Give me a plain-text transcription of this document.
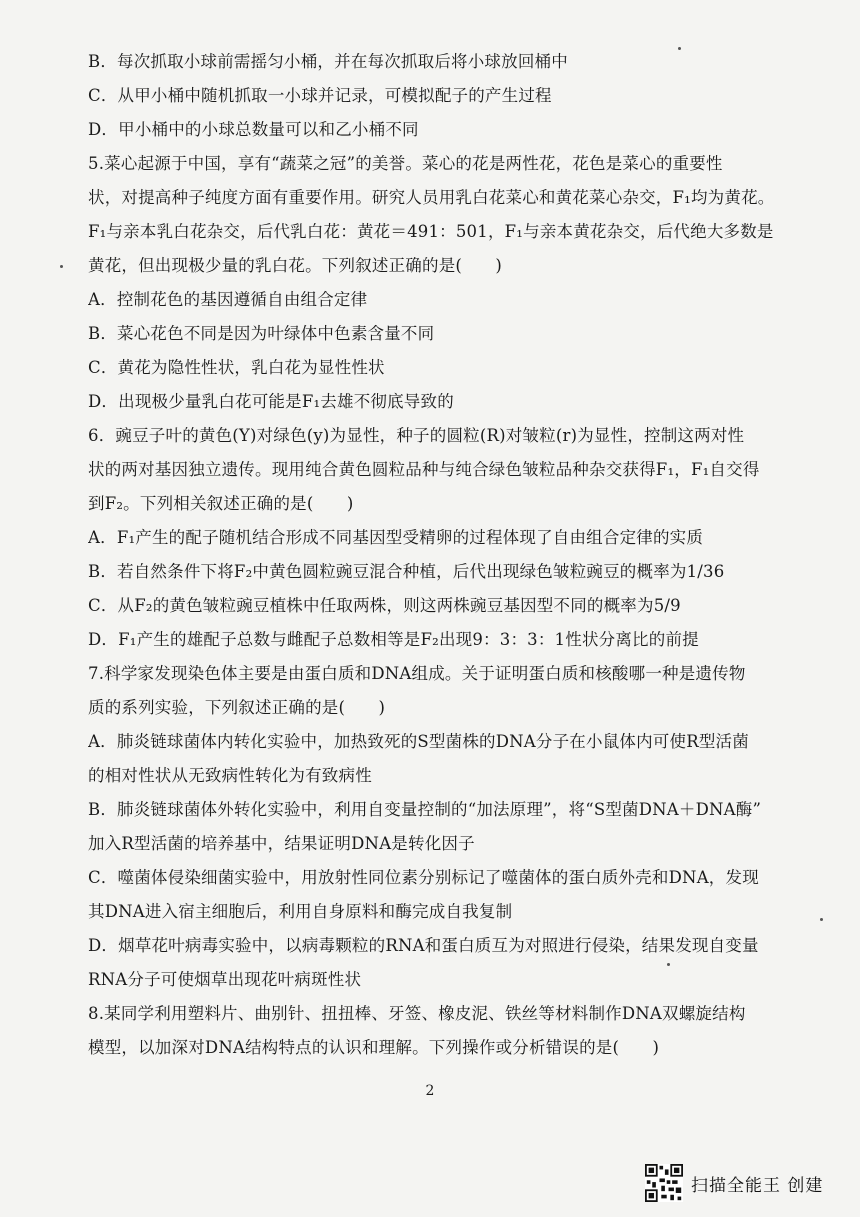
B．每次抓取小球前需摇匀小桶，并在每次抓取后将小球放回桶中
C．从甲小桶中随机抓取一小球并记录，可模拟配子的产生过程
D．甲小桶中的小球总数量可以和乙小桶不同
5.菜心起源于中国，享有“蔬菜之冠”的美誉。菜心的花是两性花，花色是菜心的重要性
状，对提高种子纯度方面有重要作用。研究人员用乳白花菜心和黄花菜心杂交，F₁均为黄花。
F₁与亲本乳白花杂交，后代乳白花：黄花＝491：501，F₁与亲本黄花杂交，后代绝大多数是
黄花，但出现极少量的乳白花。下列叙述正确的是(　　)
A．控制花色的基因遵循自由组合定律
B．菜心花色不同是因为叶绿体中色素含量不同
C．黄花为隐性性状，乳白花为显性性状
D．出现极少量乳白花可能是F₁去雄不彻底导致的
6．豌豆子叶的黄色(Y)对绿色(y)为显性，种子的圆粒(R)对皱粒(r)为显性，控制这两对性
状的两对基因独立遗传。现用纯合黄色圆粒品种与纯合绿色皱粒品种杂交获得F₁，F₁自交得
到F₂。下列相关叙述正确的是(　　)
A．F₁产生的配子随机结合形成不同基因型受精卵的过程体现了自由组合定律的实质
B．若自然条件下将F₂中黄色圆粒豌豆混合种植，后代出现绿色皱粒豌豆的概率为1/36
C．从F₂的黄色皱粒豌豆植株中任取两株，则这两株豌豆基因型不同的概率为5/9
D．F₁产生的雄配子总数与雌配子总数相等是F₂出现9：3：3：1性状分离比的前提
7.科学家发现染色体主要是由蛋白质和DNA组成。关于证明蛋白质和核酸哪一种是遗传物
质的系列实验，下列叙述正确的是(　　)
A．肺炎链球菌体内转化实验中，加热致死的S型菌株的DNA分子在小鼠体内可使R型活菌
的相对性状从无致病性转化为有致病性
B．肺炎链球菌体外转化实验中，利用自变量控制的“加法原理”，将“S型菌DNA＋DNA酶”
加入R型活菌的培养基中，结果证明DNA是转化因子
C．噬菌体侵染细菌实验中，用放射性同位素分别标记了噬菌体的蛋白质外壳和DNA，发现
其DNA进入宿主细胞后，利用自身原料和酶完成自我复制
D．烟草花叶病毒实验中，以病毒颗粒的RNA和蛋白质互为对照进行侵染，结果发现自变量
RNA分子可使烟草出现花叶病斑性状
8.某同学利用塑料片、曲别针、扭扭棒、牙签、橡皮泥、铁丝等材料制作DNA双螺旋结构
模型，以加深对DNA结构特点的认识和理解。下列操作或分析错误的是(　　)
2
扫描全能王 创建
